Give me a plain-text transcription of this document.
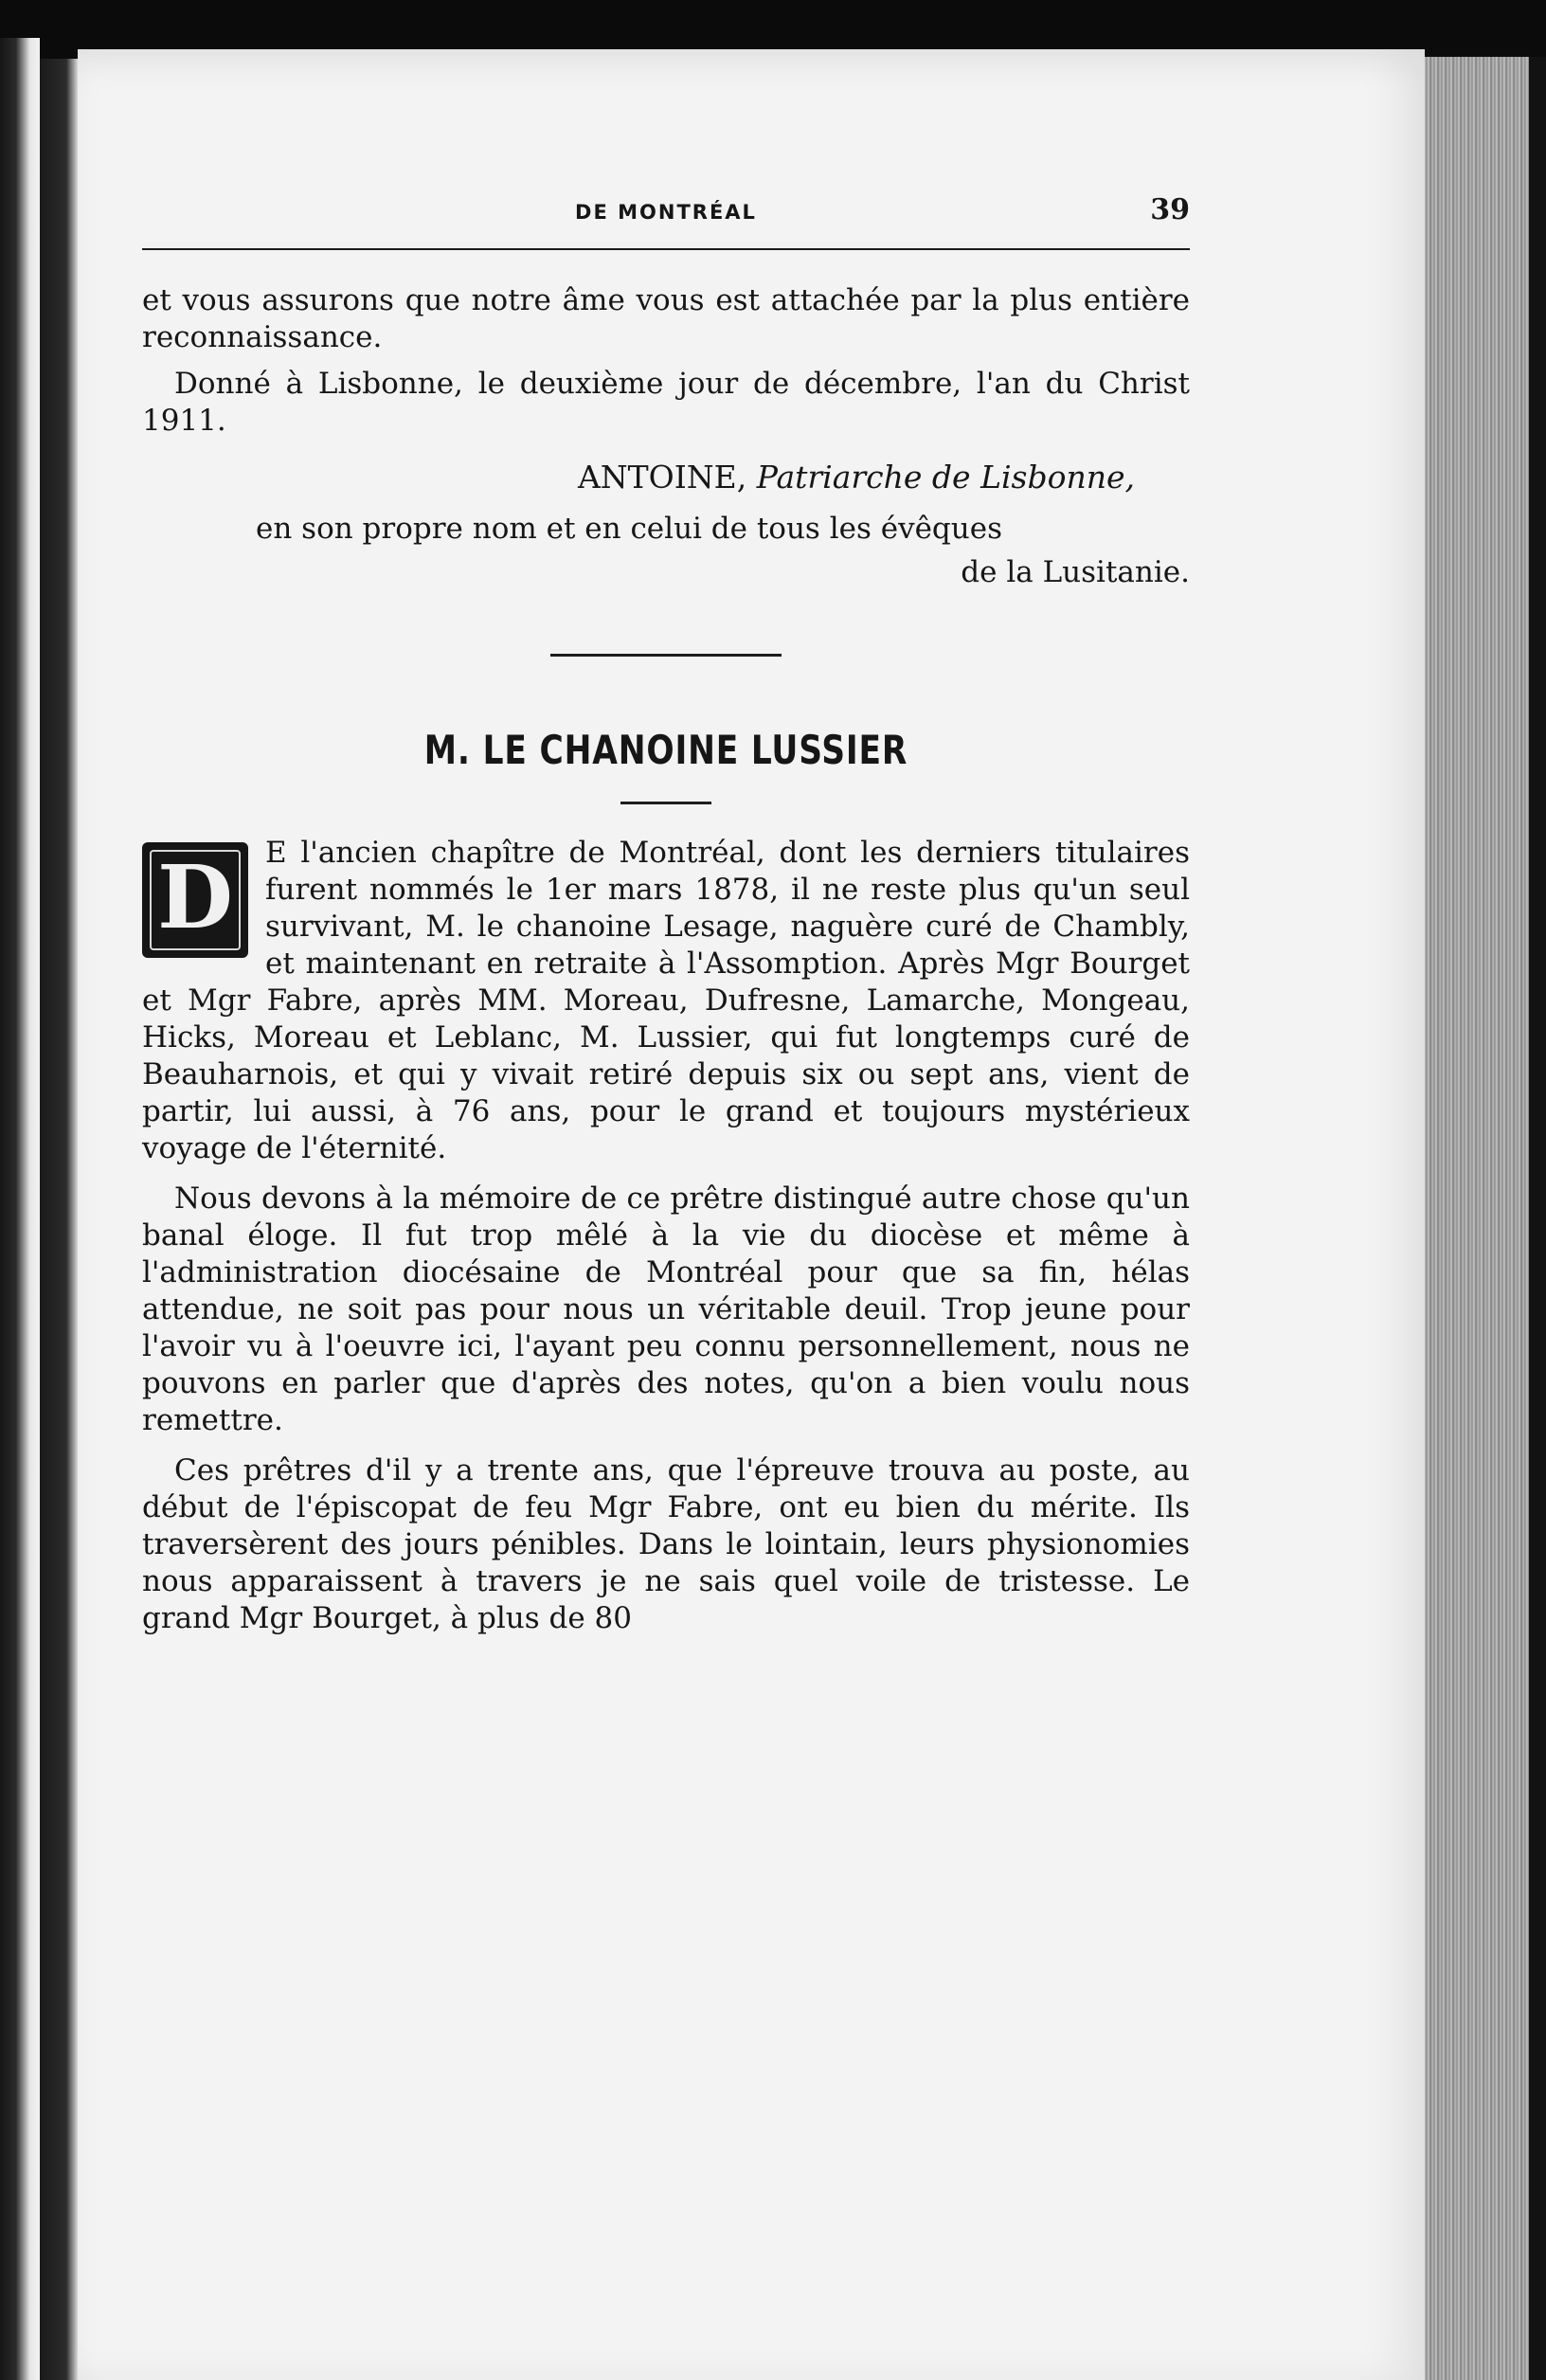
DE MONTRÉAL	39

et vous assurons que notre âme vous est attachée par la plus entière reconnaissance.

Donné à Lisbonne, le deuxième jour de décembre, l'an du Christ 1911.

ANTOINE, Patriarche de Lisbonne,
en son propre nom et en celui de tous les évêques
de la Lusitanie.
M. LE CHANOINE LUSSIER
D	E l'ancien chapître de Montréal, dont les derniers titulaires furent nommés le 1er mars 1878, il ne reste plus qu'un seul survivant, M. le chanoine Lesage, naguère curé de Chambly, et maintenant en retraite à l'Assomption. Après Mgr Bourget et Mgr Fabre, après MM. Moreau, Dufresne, Lamarche, Mongeau, Hicks, Moreau et Leblanc, M. Lussier, qui fut longtemps curé de Beauharnois, et qui y vivait retiré depuis six ou sept ans, vient de partir, lui aussi, à 76 ans, pour le grand et toujours mystérieux voyage de l'éternité.

Nous devons à la mémoire de ce prêtre distingué autre chose qu'un banal éloge. Il fut trop mêlé à la vie du diocèse et même à l'administration diocésaine de Montréal pour que sa fin, hélas attendue, ne soit pas pour nous un véritable deuil. Trop jeune pour l'avoir vu à l'oeuvre ici, l'ayant peu connu personnellement, nous ne pouvons en parler que d'après des notes, qu'on a bien voulu nous remettre.

Ces prêtres d'il y a trente ans, que l'épreuve trouva au poste, au début de l'épiscopat de feu Mgr Fabre, ont eu bien du mérite. Ils traversèrent des jours pénibles. Dans le lointain, leurs physionomies nous apparaissent à travers je ne sais quel voile de tristesse. Le grand Mgr Bourget, à plus de 80
